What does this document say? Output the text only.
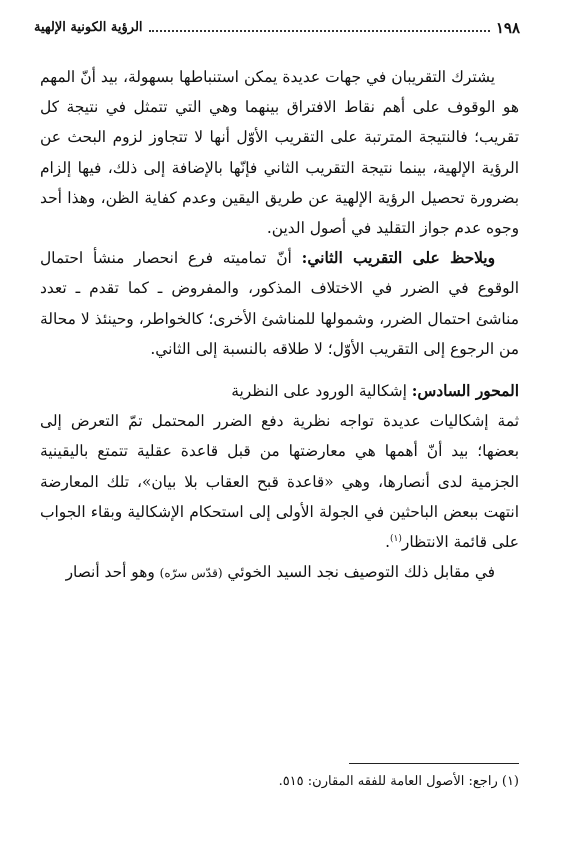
١٩٨
الرؤية الكونية الإلهية

يشترك التقريبان في جهات عديدة يمكن استنباطها بسهولة، بيد أنّ المهم هو الوقوف على أهم نقاط الافتراق بينهما وهي التي تتمثل في نتيجة كل تقريب؛ فالنتيجة المترتبة على التقريب الأوّل أنها لا تتجاوز لزوم البحث عن الرؤية الإلهية، بينما نتيجة التقريب الثاني فإنّها بالإضافة إلى ذلك، فيها إلزام بضرورة تحصيل الرؤية الإلهية عن طريق اليقين وعدم كفاية الظن، وهذا أحد وجوه عدم جواز التقليد في أصول الدين.

ويلاحظ على التقريب الثاني: أنّ تماميته فرع انحصار منشأ احتمال الوقوع في الضرر في الاختلاف المذكور، والمفروض ـ كما تقدم ـ تعدد مناشئ احتمال الضرر، وشمولها للمناشئ الأخرى؛ كالخواطر، وحينئذ لا محالة من الرجوع إلى التقريب الأوّل؛ لا طلاقه بالنسبة إلى الثاني.

المحور السادس: إشكالية الورود على النظرية

ثمة إشكاليات عديدة تواجه نظرية دفع الضرر المحتمل تمّ التعرض إلى بعضها؛ بيد أنّ أهمها هي معارضتها من قبل قاعدة عقلية تتمتع باليقينية الجزمية لدى أنصارها، وهي «قاعدة قبح العقاب بلا بيان»، تلك المعارضة انتهت ببعض الباحثين في الجولة الأولى إلى استحكام الإشكالية وبقاء الجواب على قائمة الانتظار$^{(١)}$.

في مقابل ذلك التوصيف نجد السيد الخوئي (قدّس سرّه) وهو أحد أنصار

(١) راجع: الأصول العامة للفقه المقارن: ٥١٥.
